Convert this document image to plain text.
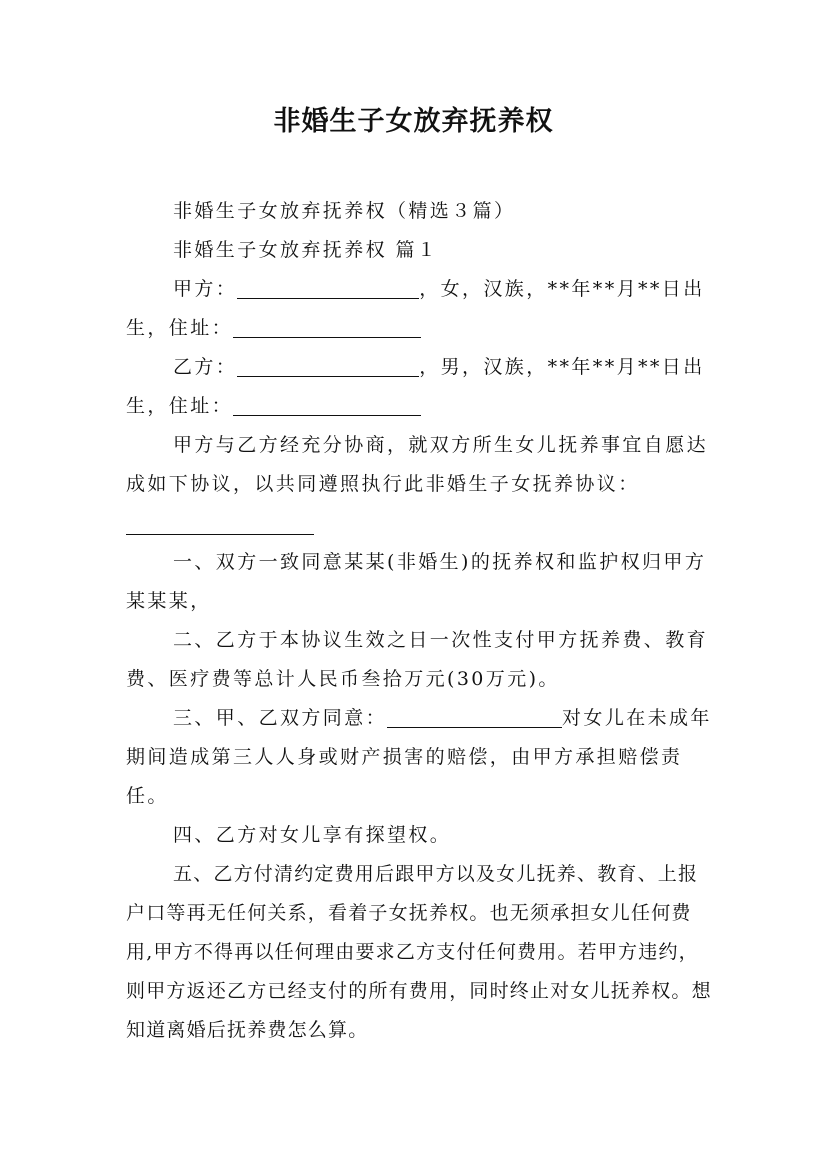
非婚生子女放弃抚养权

非婚生子女放弃抚养权（精选３篇）

非婚生子女放弃抚养权 篇１

甲方：	，女，汉族，**年**月**日出生，住址：

乙方：	，男，汉族，**年**月**日出生，住址：

甲方与乙方经充分协商，就双方所生女儿抚养事宜自愿达成如下协议，以共同遵照执行此非婚生子女抚养协议：

一、双方一致同意某某(非婚生)的抚养权和监护权归甲方某某某，

二、乙方于本协议生效之日一次性支付甲方抚养费、教育费、医疗费等总计人民币叁拾万元(30万元)。

三、甲、乙双方同意：	对女儿在未成年期间造成第三人人身或财产损害的赔偿，由甲方承担赔偿责任。

四、乙方对女儿享有探望权。

五、乙方付清约定费用后跟甲方以及女儿抚养、教育、上报户口等再无任何关系，看着子女抚养权。也无须承担女儿任何费用,甲方不得再以任何理由要求乙方支付任何费用。若甲方违约，则甲方返还乙方已经支付的所有费用，同时终止对女儿抚养权。想知道离婚后抚养费怎么算。
